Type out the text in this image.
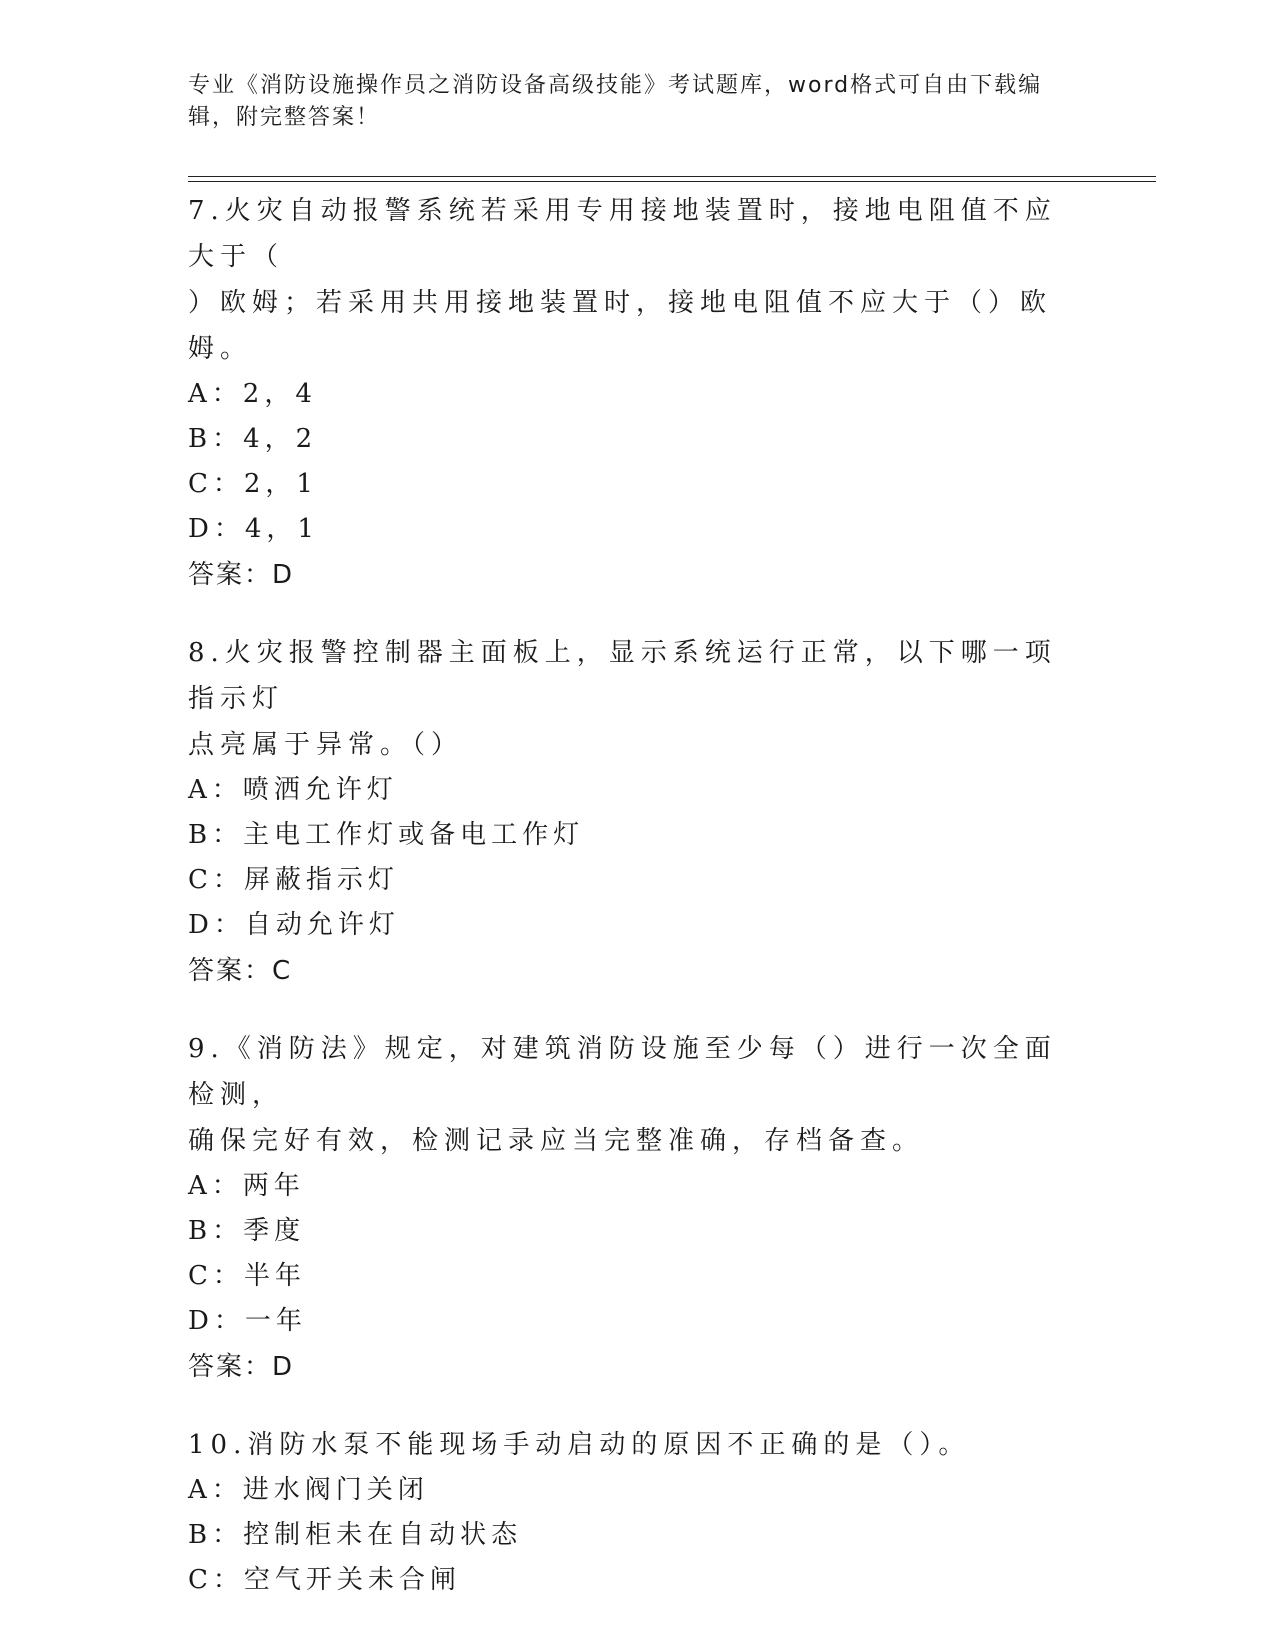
专业《消防设施操作员之消防设备高级技能》考试题库，word格式可自由下载编辑，附完整答案！
7.火灾自动报警系统若采用专用接地装置时，接地电阻值不应大于（
）欧姆；若采用共用接地装置时，接地电阻值不应大于（）欧姆。
A：2，4
B：4，2
C：2，1
D：4，1
答案：D
8.火灾报警控制器主面板上，显示系统运行正常，以下哪一项指示灯
点亮属于异常。（）
A：喷洒允许灯
B：主电工作灯或备电工作灯
C：屏蔽指示灯
D：自动允许灯
答案：C
9.《消防法》规定，对建筑消防设施至少每（）进行一次全面检测，
确保完好有效，检测记录应当完整准确，存档备查。
A：两年
B：季度
C：半年
D：一年
答案：D
10.消防水泵不能现场手动启动的原因不正确的是（）。
A：进水阀门关闭
B：控制柜未在自动状态
C：空气开关未合闸
